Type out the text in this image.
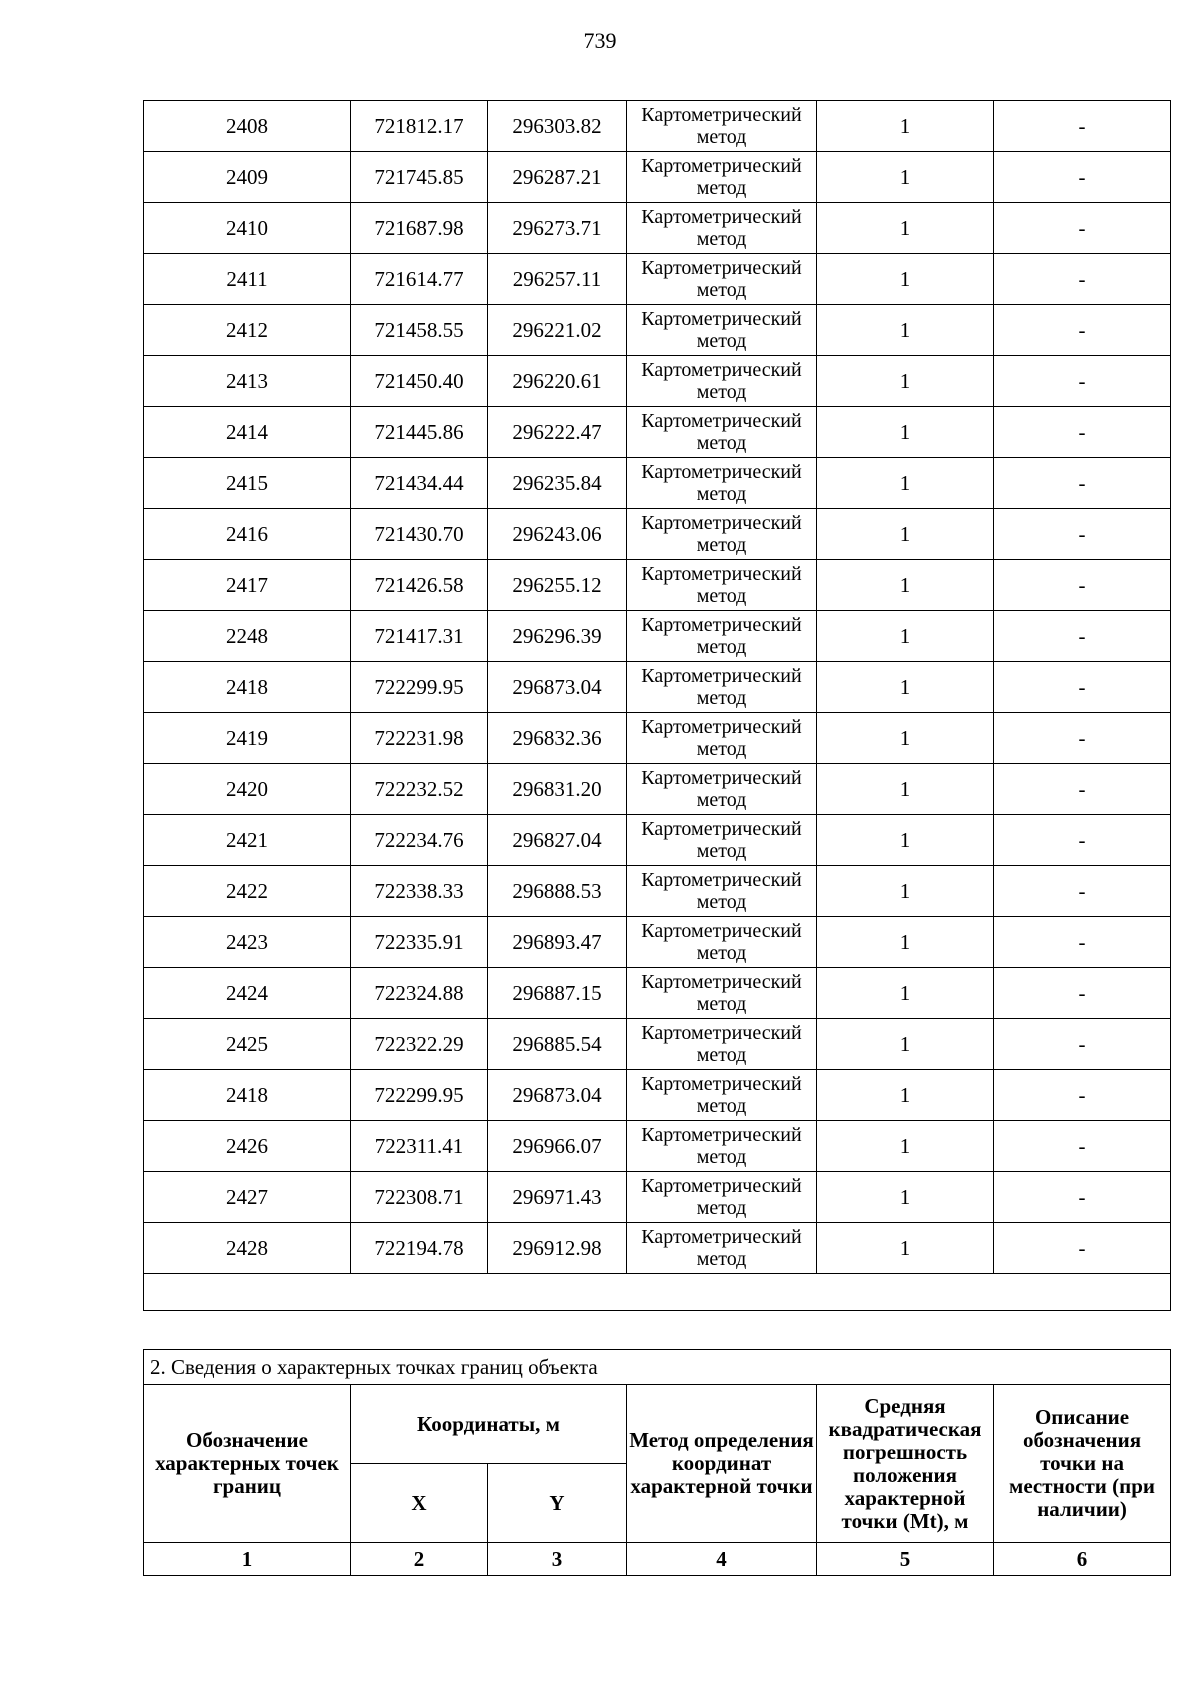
739
2408	721812.17	296303.82	Картометрический метод	1	-
2409	721745.85	296287.21	Картометрический метод	1	-
2410	721687.98	296273.71	Картометрический метод	1	-
2411	721614.77	296257.11	Картометрический метод	1	-
2412	721458.55	296221.02	Картометрический метод	1	-
2413	721450.40	296220.61	Картометрический метод	1	-
2414	721445.86	296222.47	Картометрический метод	1	-
2415	721434.44	296235.84	Картометрический метод	1	-
2416	721430.70	296243.06	Картометрический метод	1	-
2417	721426.58	296255.12	Картометрический метод	1	-
2248	721417.31	296296.39	Картометрический метод	1	-
2418	722299.95	296873.04	Картометрический метод	1	-
2419	722231.98	296832.36	Картометрический метод	1	-
2420	722232.52	296831.20	Картометрический метод	1	-
2421	722234.76	296827.04	Картометрический метод	1	-
2422	722338.33	296888.53	Картометрический метод	1	-
2423	722335.91	296893.47	Картометрический метод	1	-
2424	722324.88	296887.15	Картометрический метод	1	-
2425	722322.29	296885.54	Картометрический метод	1	-
2418	722299.95	296873.04	Картометрический метод	1	-
2426	722311.41	296966.07	Картометрический метод	1	-
2427	722308.71	296971.43	Картометрический метод	1	-
2428	722194.78	296912.98	Картометрический метод	1	-

2. Сведения о характерных точках границ объекта					
Обозначение характерных точек границ	Координаты, м		Метод определения координат характерной точки	Средняя квадратическая погрешность положения характерной точки (Mt), м	Описание обозначения точки на местности (при наличии)
	X	Y			
1	2	3	4	5	6
